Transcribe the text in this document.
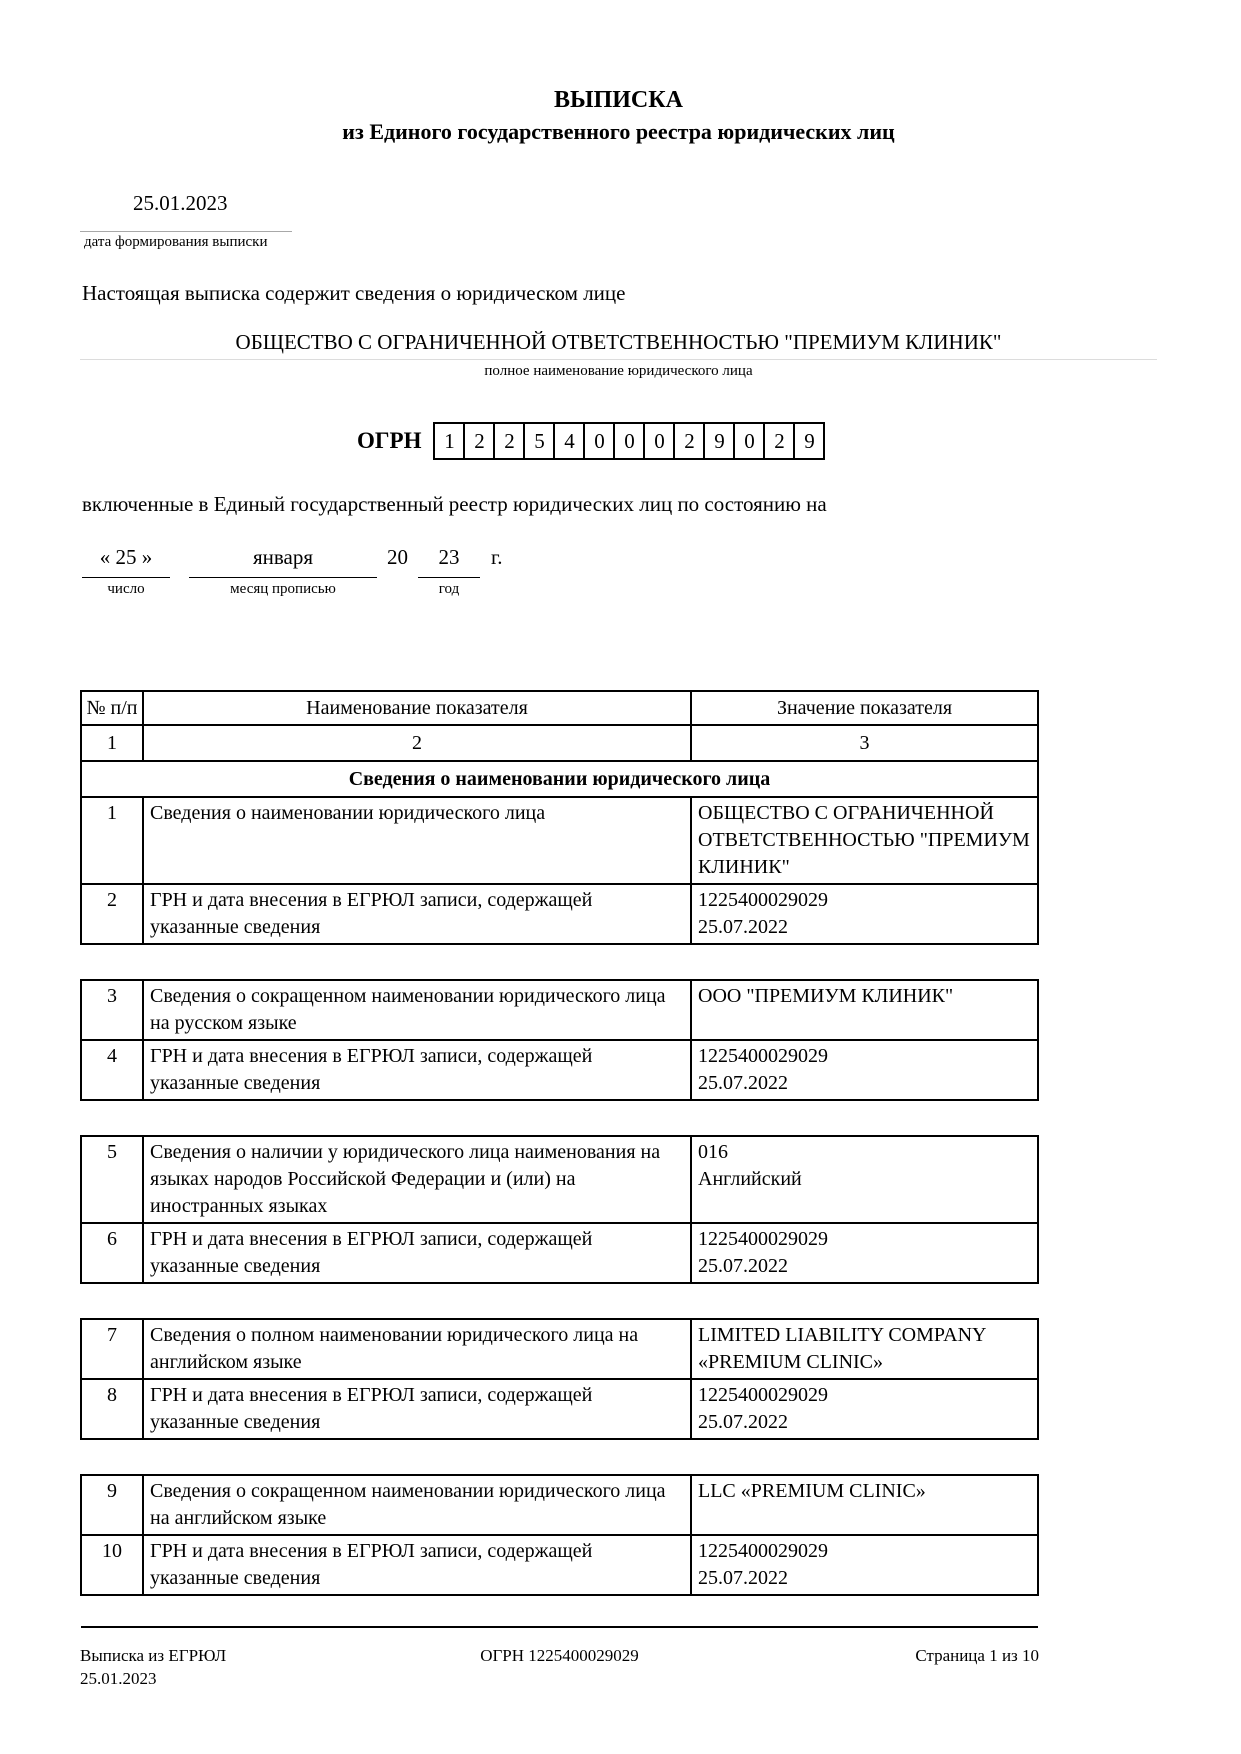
ВЫПИСКА
из Единого государственного реестра юридических лиц
25.01.2023
дата формирования выписки

Настоящая выписка содержит сведения о юридическом лице

ОБЩЕСТВО С ОГРАНИЧЕННОЙ ОТВЕТСТВЕННОСТЬЮ "ПРЕМИУМ КЛИНИК"
полное наименование юридического лица
ОГРН	1 2 2 5 4 0 0 0 2 9 0 2 9

включенные в Единый государственный реестр юридических лиц по состоянию на

« 25 »
число
января
месяц прописью
20	23
год
г.
№ п/п	Наименование показателя	Значение показателя
1	2	3
Сведения о наименовании юридического лица		
1	Сведения о наименовании юридического лица	ОБЩЕСТВО С ОГРАНИЧЕННОЙ ОТВЕТСТВЕННОСТЬЮ "ПРЕМИУМ КЛИНИК"

2	ГРН и дата внесения в ЕГРЮЛ записи, содержащей указанные сведения	1225400029029
25.07.2022

3	Сведения о сокращенном наименовании юридического лица на русском языке	ООО "ПРЕМИУМ КЛИНИК"

4	ГРН и дата внесения в ЕГРЮЛ записи, содержащей указанные сведения	1225400029029
25.07.2022

5	Сведения о наличии у юридического лица наименования на языках народов Российской Федерации и (или) на иностранных языках	016
Английский

6	ГРН и дата внесения в ЕГРЮЛ записи, содержащей указанные сведения	1225400029029
25.07.2022

7	Сведения о полном наименовании юридического лица на английском языке	LIMITED LIABILITY COMPANY «PREMIUM CLINIC»

8	ГРН и дата внесения в ЕГРЮЛ записи, содержащей указанные сведения	1225400029029
25.07.2022

9	Сведения о сокращенном наименовании юридического лица на английском языке	LLC «PREMIUM CLINIC»

10	ГРН и дата внесения в ЕГРЮЛ записи, содержащей указанные сведения	1225400029029
25.07.2022

Выписка из ЕГРЮЛ
25.01.2023
ОГРН 1225400029029	Страница 1 из 10
